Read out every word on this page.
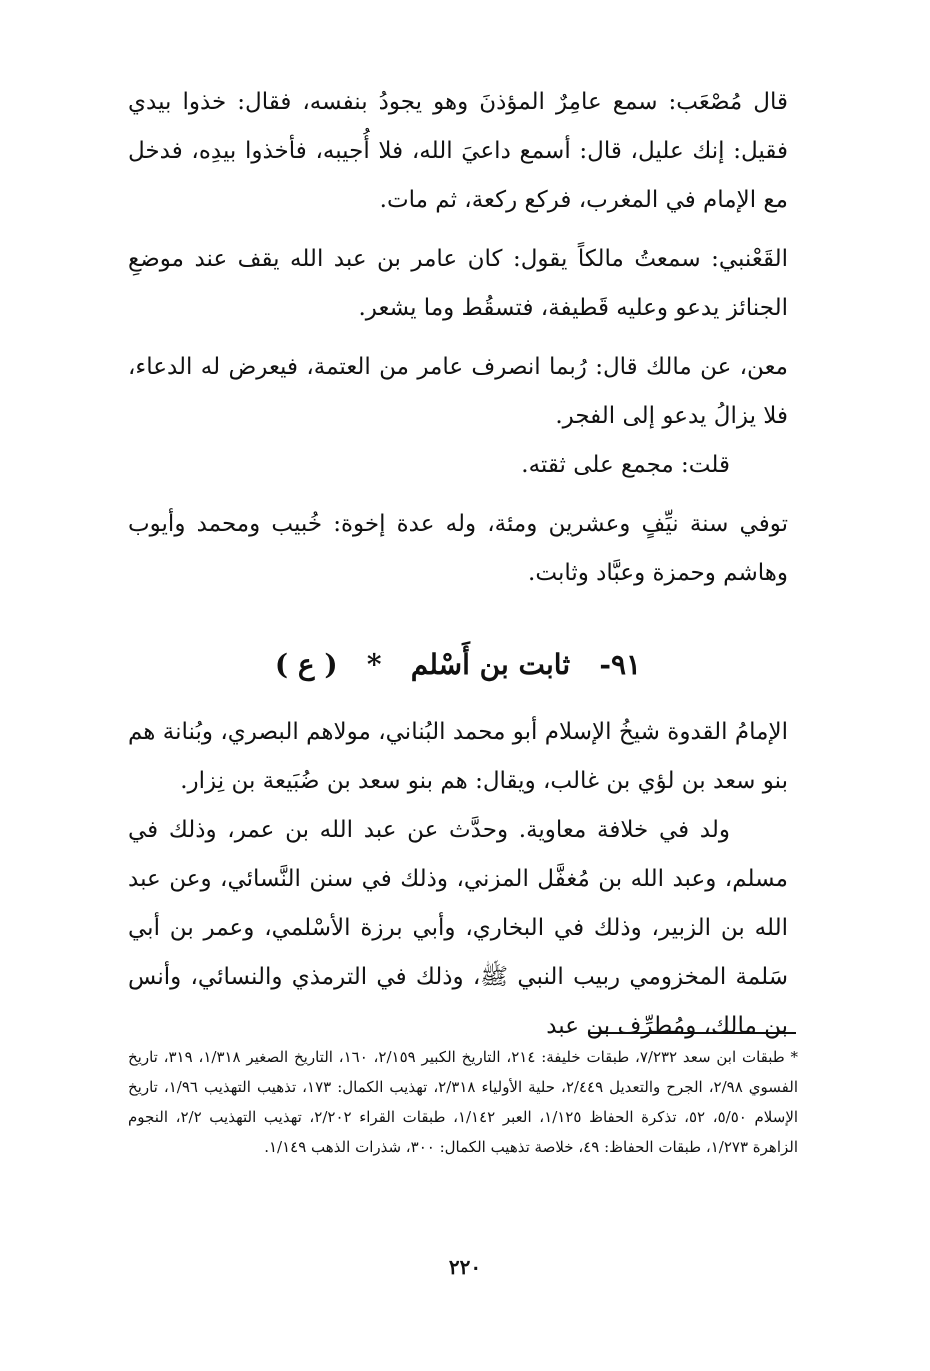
قال مُصْعَب: سمع عامِرٌ المؤذنَ وهو يجودُ بنفسه، فقال: خذوا بيدي فقيل: إنك عليل، قال: أسمع داعيَ الله، فلا أُجيبه، فأخذوا بيدِه، فدخل مع الإمام في المغرب، فركع ركعة، ثم مات.

القَعْنبي: سمعتُ مالكاً يقول: كان عامر بن عبد الله يقف عند موضعِ الجنائز يدعو وعليه قَطيفة، فتسقُط وما يشعر.

معن، عن مالك قال: رُبما انصرف عامر من العتمة، فيعرض له الدعاء، فلا يزالُ يدعو إلى الفجر.

قلت: مجمع على ثقته.

توفي سنة نيِّفٍ وعشرين ومئة، وله عدة إخوة: خُبيب ومحمد وأيوب وهاشم وحمزة وعبَّاد وثابت.

٩١-   ثابت بن أَسْلم   *   ( ع )

الإمامُ القدوة شيخُ الإسلام أبو محمد البُناني، مولاهم البصري، وبُنانة هم بنو سعد بن لؤي بن غالب، ويقال: هم بنو سعد بن ضُبَيعة بن نِزار.

ولد في خلافة معاوية. وحدَّث عن عبد الله بن عمر، وذلك في مسلم، وعبد الله بن مُغفَّل المزني، وذلك في سنن النَّسائي، وعن عبد الله بن الزبير، وذلك في البخاري، وأبي برزة الأسْلمي، وعمر بن أبي سَلمة المخزومي ربيب النبي ﷺ، وذلك في الترمذي والنسائي، وأنس بن مالك، ومُطرِّف بن عبد

* طبقات ابن سعد ٧/٢٣٢، طبقات خليفة: ٢١٤، التاريخ الكبير ٢/١٥٩، ١٦٠، التاريخ الصغير ١/٣١٨، ٣١٩، تاريخ الفسوي ٢/٩٨، الجرح والتعديل ٢/٤٤٩، حلية الأولياء ٢/٣١٨، تهذيب الكمال: ١٧٣، تذهيب التهذيب ١/٩٦، تاريخ الإسلام ٥/٥٠، ٥٢، تذكرة الحفاظ ١/١٢٥، العبر ١/١٤٢، طبقات القراء ٢/٢٠٢، تهذيب التهذيب ٢/٢، النجوم الزاهرة ١/٢٧٣، طبقات الحفاظ: ٤٩، خلاصة تذهيب الكمال: ٣٠٠، شذرات الذهب ١/١٤٩.

٢٢٠
